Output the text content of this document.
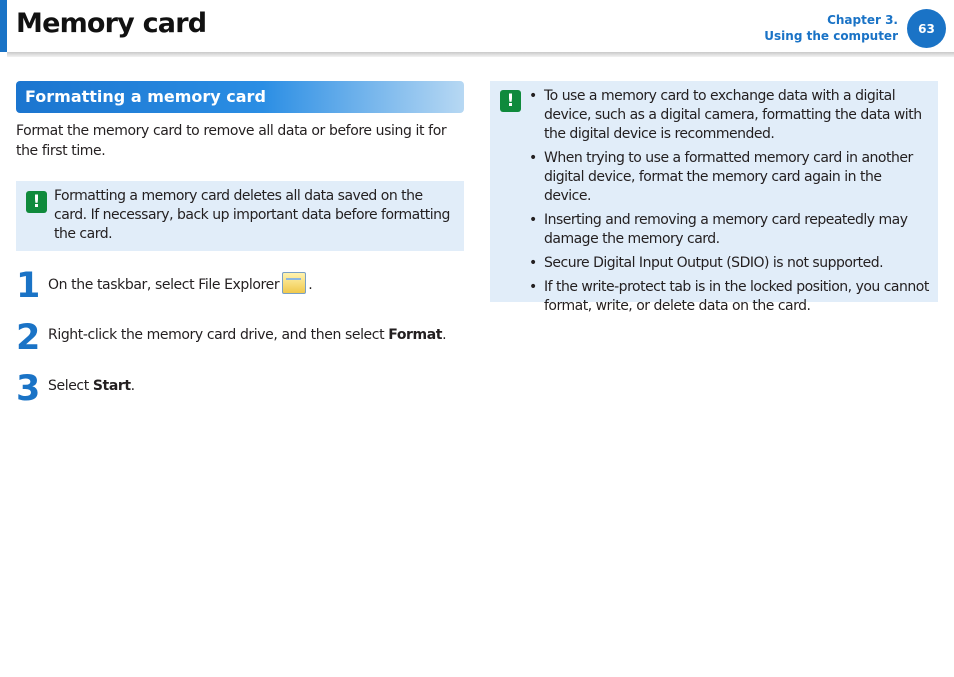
Memory card	Chapter 3.
Using the computer
63
Formatting a memory card
Format the memory card to remove all data or before using it for the first time.
! Formatting a memory card deletes all data saved on the card. If necessary, back up important data before formatting the card.
1 On the taskbar, select File Explorer .
2 Right-click the memory card drive, and then select Format.
3 Select Start.
!	• To use a memory card to exchange data with a digital device, such as a digital camera, formatting the data with the digital device is recommended.
• When trying to use a formatted memory card in another digital device, format the memory card again in the device.
• Inserting and removing a memory card repeatedly may damage the memory card.
• Secure Digital Input Output (SDIO) is not supported.
• If the write-protect tab is in the locked position, you cannot format, write, or delete data on the card.
